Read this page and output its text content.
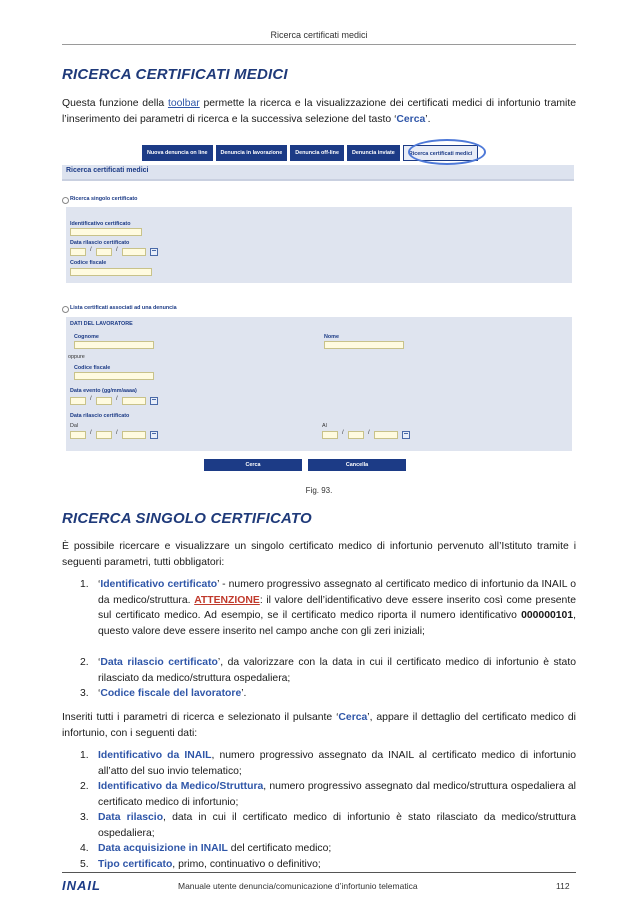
Ricerca certificati medici
RICERCA CERTIFICATI MEDICI
Questa funzione della toolbar permette la ricerca e la visualizzazione dei certificati medici di infortunio tramite l’inserimento dei parametri di ricerca e la successiva selezione del tasto ‘Cerca’.
Nuova denuncia on line	Denuncia in lavorazione	Denuncia off-line	Denuncia inviate	Ricerca certificati medici
Ricerca certificati medici
Ricerca singolo certificato
Identificativo certificato
Data rilascio certificato
/	/
Codice fiscale
Lista certificati associati ad una denuncia
DATI DEL LAVORATORE
Cognome	Nome
oppure
Codice fiscale
Data evento (gg/mm/aaaa)
/	/
Data rilascio certificato
Dal
/	/
Al
/	/
Cerca	Cancella
Fig. 93.
RICERCA SINGOLO CERTIFICATO
È possibile ricercare e visualizzare un singolo certificato medico di infortunio pervenuto all’Istituto tramite i seguenti parametri, tutti obbligatori:
1. ‘Identificativo certificato’ - numero progressivo assegnato al certificato medico di infortunio da INAIL o da medico/struttura. ATTENZIONE: il valore dell’identificativo deve essere inserito così come presente sul certificato medico. Ad esempio, se il certificato medico riporta il numero identificativo 000000101, questo valore deve essere inserito nel campo anche con gli zeri iniziali;
2. ‘Data rilascio certificato’, da valorizzare con la data in cui il certificato medico di infortunio è stato rilasciato da medico/struttura ospedaliera;
3. ‘Codice fiscale del lavoratore’.
Inseriti tutti i parametri di ricerca e selezionato il pulsante ‘Cerca’, appare il dettaglio del certificato medico di infortunio, con i seguenti dati:
1. Identificativo da INAIL, numero progressivo assegnato da INAIL al certificato medico di infortunio all’atto del suo invio telematico;
2. Identificativo da Medico/Struttura, numero progressivo assegnato dal medico/struttura ospedaliera al certificato medico di infortunio;
3. Data rilascio, data in cui il certificato medico di infortunio è stato rilasciato da medico/struttura ospedaliera;
4. Data acquisizione in INAIL del certificato medico;
5. Tipo certificato, primo, continuativo o definitivo;
INAIL	Manuale utente denuncia/comunicazione d’infortunio telematica	112
